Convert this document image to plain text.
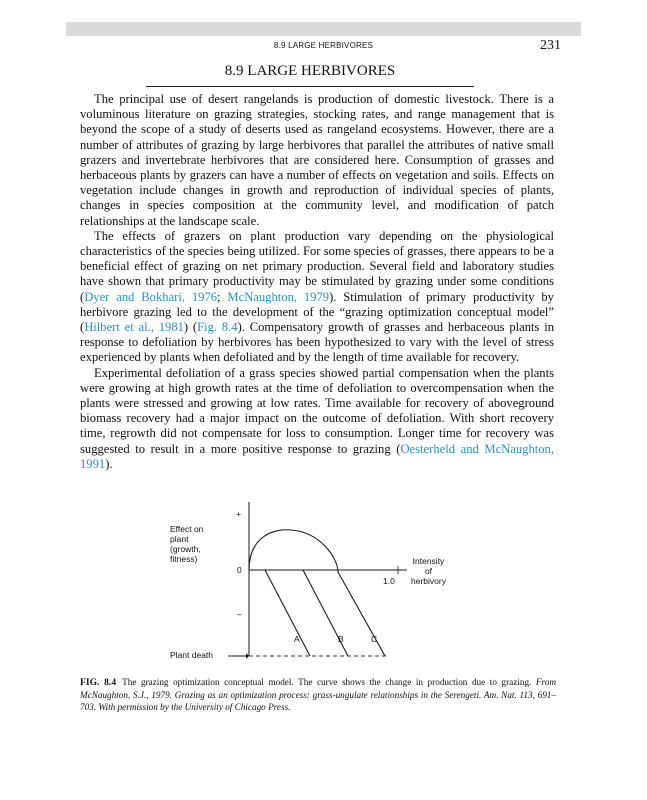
8.9 LARGE HERBIVORES	231
8.9 LARGE HERBIVORES

The principal use of desert rangelands is production of domestic livestock. There is a voluminous literature on grazing strategies, stocking rates, and range management that is beyond the scope of a study of deserts used as rangeland ecosystems. However, there are a number of attributes of grazing by large herbivores that parallel the attributes of native small grazers and invertebrate herbivores that are considered here. Consumption of grasses and herbaceous plants by grazers can have a number of effects on vegetation and soils. Effects on vegetation include changes in growth and reproduction of individual species of plants, changes in species composition at the community level, and modification of patch relationships at the landscape scale.

The effects of grazers on plant production vary depending on the physiological characteristics of the species being utilized. For some species of grasses, there appears to be a beneficial effect of grazing on net primary production. Several field and laboratory studies have shown that primary productivity may be stimulated by grazing under some conditions (Dyer and Bokhari, 1976; McNaughton, 1979). Stimulation of primary productivity by herbivore grazing led to the development of the “grazing optimization conceptual model” (Hilbert et al., 1981) (Fig. 8.4). Compensatory growth of grasses and herbaceous plants in response to defoliation by herbivores has been hypothesized to vary with the level of stress experienced by plants when defoliated and by the length of time available for recovery.

Experimental defoliation of a grass species showed partial compensation when the plants were growing at high growth rates at the time of defoliation to overcompensation when the plants were stressed and growing at low rates. Time available for recovery of aboveground biomass recovery had a major impact on the outcome of defoliation. With short recovery time, regrowth did not compensate for loss to consumption. Longer time for recovery was suggested to result in a more positive response to grazing (Oesterheld and McNaughton, 1991).

+
Effect on
plant
(growth,
fitness)
0
–
1.0
Intensity
of
herbivory
A	B	C
Plant death
FIG. 8.4 The grazing optimization conceptual model. The curve shows the change in production due to grazing. From McNaughton, S.J., 1979. Grazing as an optimization process: grass-ungulate relationships in the Serengeti. Am. Nat. 113, 691–703. With permission by the University of Chicago Press.
